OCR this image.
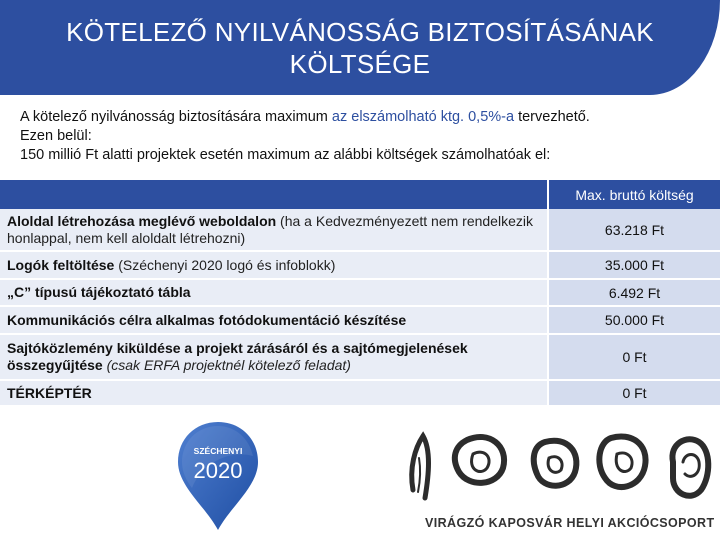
KÖTELEZŐ NYILVÁNOSSÁG BIZTOSÍTÁSÁNAK
KÖLTSÉGE
A kötelező nyilvánosság biztosítására maximum az elszámolható ktg. 0,5%-a tervezhető.
Ezen belül:
150 millió Ft alatti projektek esetén maximum az alábbi költségek számolhatóak el:
	Max. bruttó költség
Aloldal létrehozása meglévő weboldalon (ha a Kedvezményezett nem rendelkezik honlappal, nem kell aloldalt létrehozni)	63.218 Ft
Logók feltöltése (Széchenyi 2020 logó és infoblokk)	35.000 Ft
„C” típusú tájékoztató tábla	6.492 Ft
Kommunikációs célra alkalmas fotódokumentáció készítése	50.000 Ft
Sajtóközlemény kiküldése a projekt zárásáról és a sajtómegjelenések összegyűjtése (csak ERFA projektnél kötelező feladat)	0 Ft
TÉRKÉPTÉR	0 Ft
SZÉCHENYI
2020
VIRÁGZÓ KAPOSVÁR HELYI AKCIÓCSOPORT
